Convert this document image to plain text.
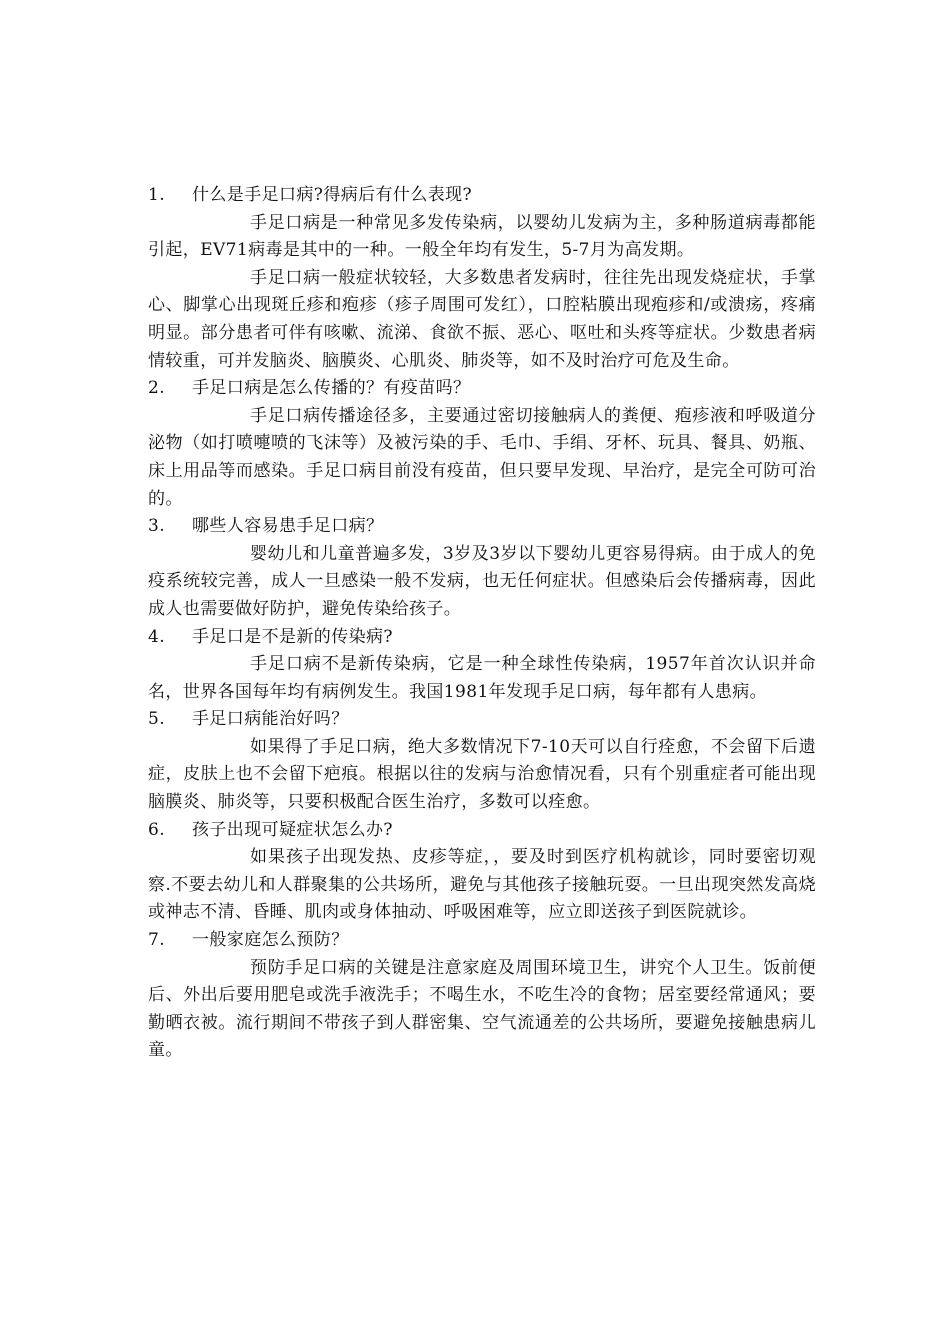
1.	什么是手足口病?得病后有什么表现?

手足口病是一种常见多发传染病，以婴幼儿发病为主，多种肠道病毒都能引起，EV71病毒是其中的一种。一般全年均有发生，5-7月为高发期。

手足口病一般症状较轻，大多数患者发病时，往往先出现发烧症状，手掌心、脚掌心出现斑丘疹和疱疹（疹子周围可发红），口腔粘膜出现疱疹和/或溃疡，疼痛明显。部分患者可伴有咳嗽、流涕、食欲不振、恶心、呕吐和头疼等症状。少数患者病情较重，可并发脑炎、脑膜炎、心肌炎、肺炎等，如不及时治疗可危及生命。

2.	手足口病是怎么传播的？有疫苗吗？

手足口病传播途径多，主要通过密切接触病人的粪便、疱疹液和呼吸道分泌物（如打喷嚏喷的飞沫等）及被污染的手、毛巾、手绢、牙杯、玩具、餐具、奶瓶、床上用品等而感染。手足口病目前没有疫苗，但只要早发现、早治疗，是完全可防可治的。

3.	哪些人容易患手足口病？

婴幼儿和儿童普遍多发，3岁及3岁以下婴幼儿更容易得病。由于成人的免疫系统较完善，成人一旦感染一般不发病，也无任何症状。但感染后会传播病毒，因此成人也需要做好防护，避免传染给孩子。

4.	手足口是不是新的传染病?

手足口病不是新传染病，它是一种全球性传染病，1957年首次认识并命名，世界各国每年均有病例发生。我国1981年发现手足口病，每年都有人患病。

5.	手足口病能治好吗？

如果得了手足口病，绝大多数情况下7-10天可以自行痊愈，不会留下后遗症，皮肤上也不会留下疤痕。根据以往的发病与治愈情况看，只有个别重症者可能出现脑膜炎、肺炎等，只要积极配合医生治疗，多数可以痊愈。

6.	孩子出现可疑症状怎么办?

如果孩子出现发热、皮疹等症，，要及时到医疗机构就诊，同时要密切观察.不要去幼儿和人群聚集的公共场所，避免与其他孩子接触玩耍。一旦出现突然发高烧或神志不清、昏睡、肌肉或身体抽动、呼吸困难等，应立即送孩子到医院就诊。

7.	一般家庭怎么预防？

预防手足口病的关键是注意家庭及周围环境卫生，讲究个人卫生。饭前便后、外出后要用肥皂或洗手液洗手；不喝生水，不吃生冷的食物；居室要经常通风；要勤晒衣被。流行期间不带孩子到人群密集、空气流通差的公共场所，要避免接触患病儿童。
